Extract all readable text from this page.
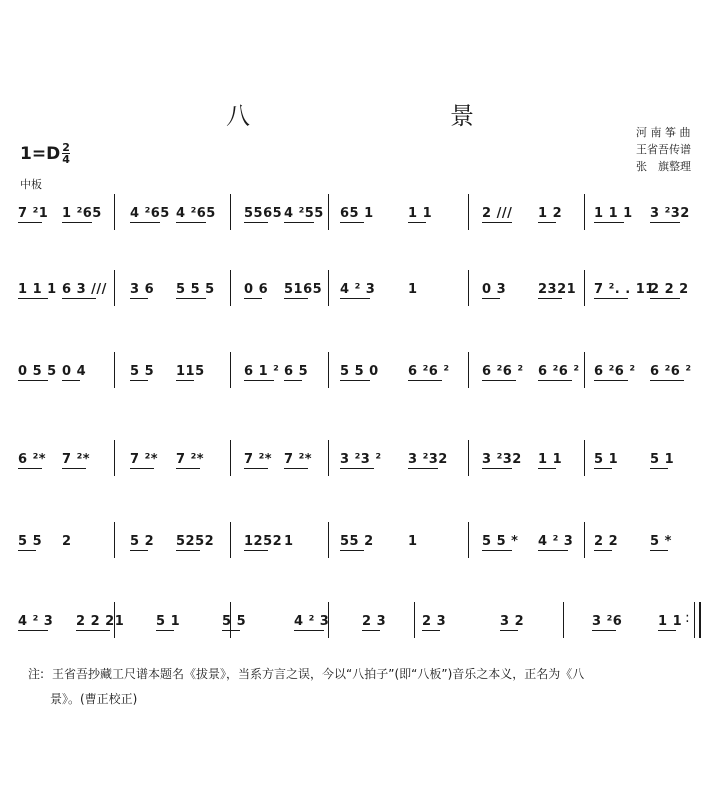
八　景
$1=D \frac{2}{4}$
河 南 筝 曲
王省吾传谱
张　旗整理
中板
7 ²1 1 ²65 4 ²65 4 ²65 5565 4 ²55 65 1	1 1	2 /// 1 2 1 1 1 3 ²32
1 1 1 6 3 /// 3 6 5 5 5 0 6 5165 4 ² 3	1	0 3 2321 7 ². . 11
2 2 2
0 5 5 0 4	5 5 115	6 1 ² 6 5 5 5 0 6 ²6 ² 6 ²6 ² 6 ²6 ² 6 ²6 ² 6 ²6 ²
6 ²* 7 ²*	7 ²* 7 ²*	7 ²* 7 ²* 3 ²3 ² 3 ²32	3 ²32 1 1 5 1 5 1
5 5 2	5 2 5252 1252 1	55 2	1	5 5 * 4 ² 3 2 2 5 *
4 ² 3 2 2 21 5 1	5 5	4 ² 3	2 3	2 3	3 2	3 ²6	1 1
:
注: 王省吾抄藏工尺谱本题名《拔景》，当系方言之误，今以“八拍子”(即“八板”)音乐之本义，正名为《八
景》。(曹正校正)
